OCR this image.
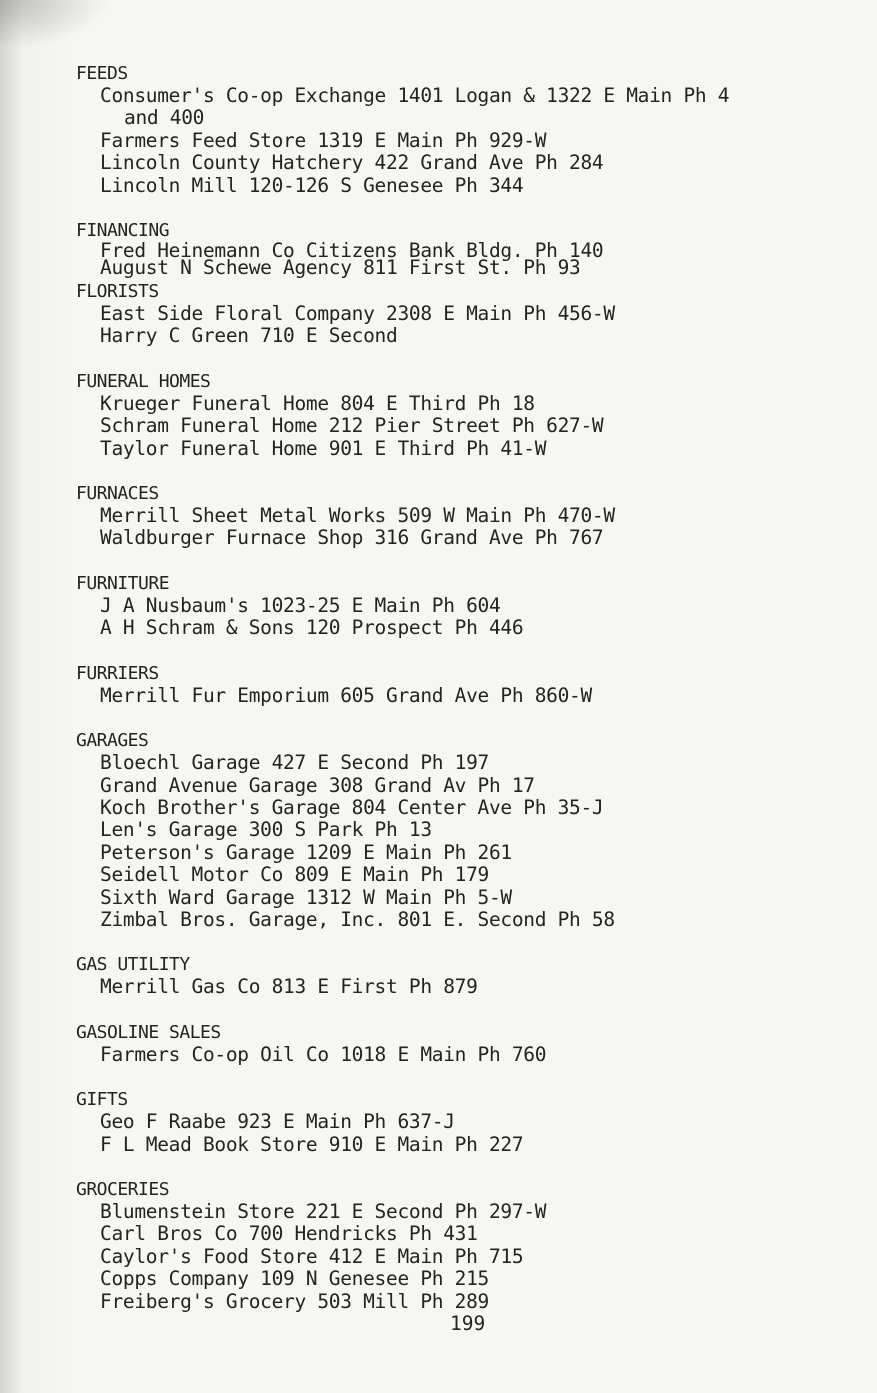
FEEDS
Consumer's Co-op Exchange 1401 Logan & 1322 E Main Ph 4 and 400
Farmers Feed Store 1319 E Main Ph 929-W
Lincoln County Hatchery 422 Grand Ave Ph 284
Lincoln Mill 120-126 S Genesee Ph 344
FINANCING
Fred Heinemann Co Citizens Bank Bldg. Ph 140
August N Schewe Agency 811 First St. Ph 93
FLORISTS
East Side Floral Company 2308 E Main Ph 456-W
Harry C Green 710 E Second
FUNERAL HOMES
Krueger Funeral Home 804 E Third Ph 18
Schram Funeral Home 212 Pier Street Ph 627-W
Taylor Funeral Home 901 E Third Ph 41-W
FURNACES
Merrill Sheet Metal Works 509 W Main Ph 470-W
Waldburger Furnace Shop 316 Grand Ave Ph 767
FURNITURE
J A Nusbaum's 1023-25 E Main Ph 604
A H Schram & Sons 120 Prospect Ph 446
FURRIERS
Merrill Fur Emporium 605 Grand Ave Ph 860-W
GARAGES
Bloechl Garage 427 E Second Ph 197
Grand Avenue Garage 308 Grand Av Ph 17
Koch Brother's Garage 804 Center Ave Ph 35-J
Len's Garage 300 S Park Ph 13
Peterson's Garage 1209 E Main Ph 261
Seidell Motor Co 809 E Main Ph 179
Sixth Ward Garage 1312 W Main Ph 5-W
Zimbal Bros. Garage, Inc. 801 E. Second Ph 58
GAS UTILITY
Merrill Gas Co 813 E First Ph 879
GASOLINE SALES
Farmers Co-op Oil Co 1018 E Main Ph 760
GIFTS
Geo F Raabe 923 E Main Ph 637-J
F L Mead Book Store 910 E Main Ph 227
GROCERIES
Blumenstein Store 221 E Second Ph 297-W
Carl Bros Co 700 Hendricks Ph 431
Caylor's Food Store 412 E Main Ph 715
Copps Company 109 N Genesee Ph 215
Freiberg's Grocery 503 Mill Ph 289
199
